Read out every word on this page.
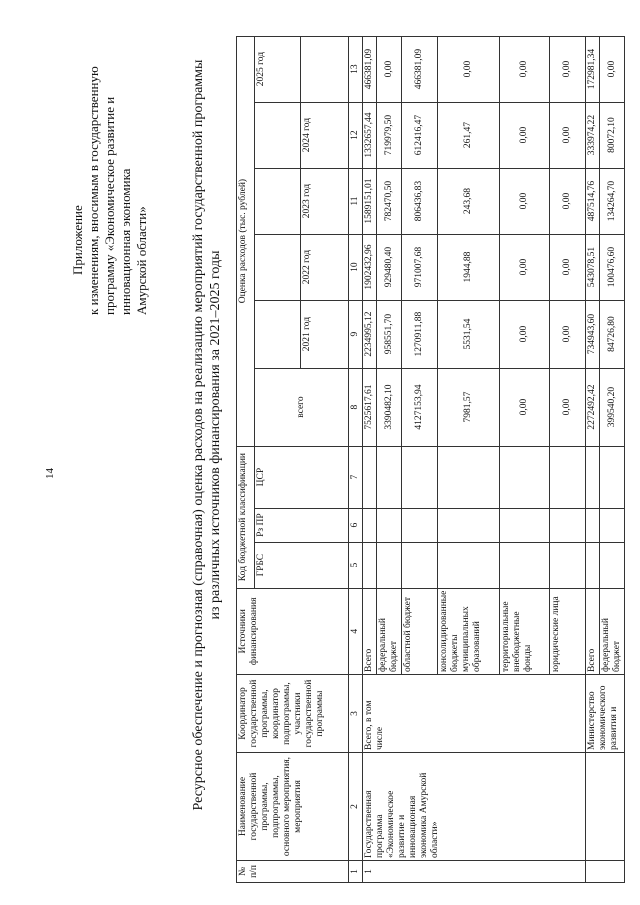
14
Приложение к изменениям, вносимым в государственную программу «Экономическое развитие и инновационная экономика Амурской области»	Ресурсное обеспечение и прогнозная (справочная) оценка расходов на реализацию мероприятий государственной программы из различных источников финансирования за 2021–2025 годы
№ п/п	Наименование государственной программы, подпрограммы, основного мероприятия, мероприятия	Координатор государственной программы, координатор подпрограммы, участники государственной программы	Источники финансирования	Код бюджетной классификации			Оценка расходов (тыс. рублей)					
				ГРБС	Рз ПР	ЦСР	всего					2025 год
								2021 год	2022 год	2023 год	2024 год	
1	2	3	4	5	6	7	8	9	10	11	12	13
1	Государственная программа «Экономическое развитие и инновационная экономика Амурской области»	Всего, в том числе	Всего				7525617,61	2234995,12	1902432,96	1589151,01	1332657,44	466381,09
			федеральный бюджет				3390482,10	958551,70	929480,40	782470,50	719979,50	0,00
			областной бюджет				4127153,94	1270911,88	971007,68	806436,83	612416,47	466381,09
			консолидированные бюджеты муниципальных образований				7981,57	5531,54	1944,88	243,68	261,47	0,00
			территориальные внебюджетные фонды				0,00	0,00	0,00	0,00	0,00	0,00
			юридические лица				0,00	0,00	0,00	0,00	0,00	0,00
		Министерство экономического развития и	Всего				2272492,42	734943,60	543078,51	487514,76	333974,22	172981,34
			федеральный бюджет				399540,20	84726,80	100476,60	134264,70	80072,10	0,00
